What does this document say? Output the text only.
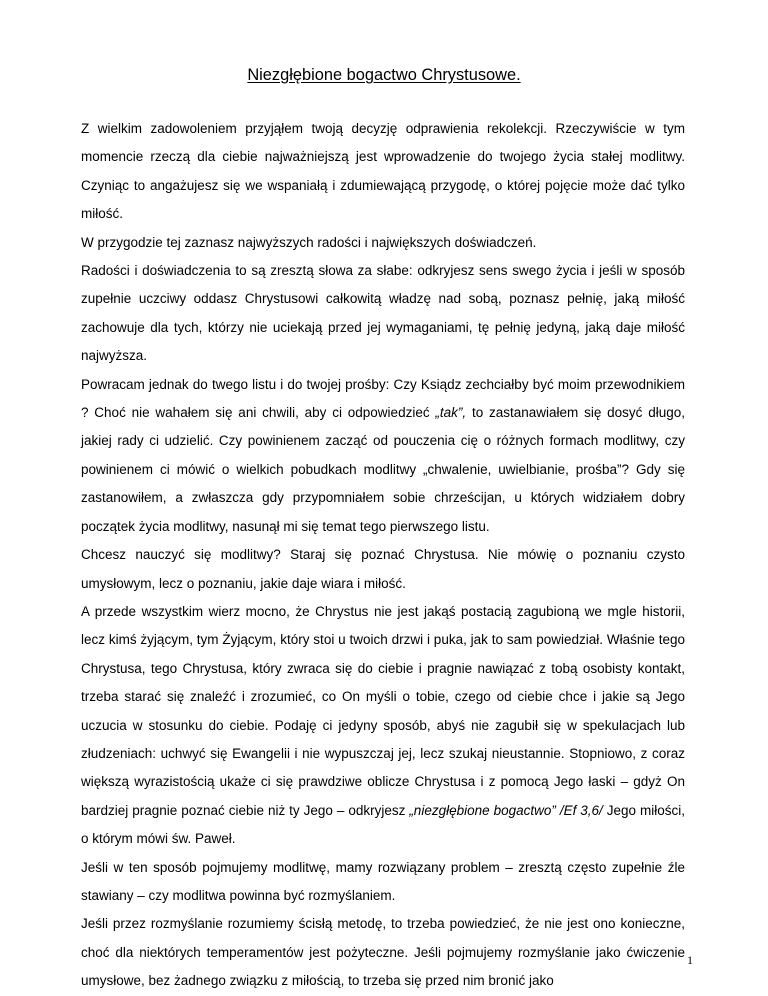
Niezgłębione bogactwo Chrystusowe.

Z wielkim zadowoleniem przyjąłem twoją decyzję odprawienia rekolekcji. Rzeczywiście w tym momencie rzeczą dla ciebie najważniejszą jest wprowadzenie do twojego życia stałej modlitwy. Czyniąc to angażujesz się we wspaniałą i zdumiewającą przygodę, o której pojęcie może dać tylko miłość.

W przygodzie tej zaznasz najwyższych radości i największych doświadczeń.

Radości i doświadczenia to są zresztą słowa za słabe: odkryjesz sens swego życia i jeśli w sposób zupełnie uczciwy oddasz Chrystusowi całkowitą władzę nad sobą, poznasz pełnię, jaką miłość zachowuje dla tych, którzy nie uciekają przed jej wymaganiami, tę pełnię jedyną, jaką daje miłość najwyższa.

Powracam jednak do twego listu i do twojej prośby: Czy Ksiądz zechciałby być moim przewodnikiem ? Choć nie wahałem się ani chwili, aby ci odpowiedzieć „tak”, to zastanawiałem się dosyć długo, jakiej rady ci udzielić. Czy powinienem zacząć od pouczenia cię o różnych formach modlitwy, czy powinienem ci mówić o wielkich pobudkach modlitwy „chwalenie, uwielbianie, prośba”? Gdy się zastanowiłem, a zwłaszcza gdy przypomniałem sobie chrześcijan, u których widziałem dobry początek życia modlitwy, nasunął mi się temat tego pierwszego listu.

Chcesz nauczyć się modlitwy? Staraj się poznać Chrystusa. Nie mówię o poznaniu czysto umysłowym, lecz o poznaniu, jakie daje wiara i miłość.

A przede wszystkim wierz mocno, że Chrystus nie jest jakąś postacią zagubioną we mgle historii, lecz kimś żyjącym, tym Żyjącym, który stoi u twoich drzwi i puka, jak to sam powiedział. Właśnie tego Chrystusa, tego Chrystusa, który zwraca się do ciebie i pragnie nawiązać z tobą osobisty kontakt, trzeba starać się znaleźć i zrozumieć, co On myśli o tobie, czego od ciebie chce i jakie są Jego uczucia w stosunku do ciebie. Podaję ci jedyny sposób, abyś nie zagubił się w spekulacjach lub złudzeniach: uchwyć się Ewangelii i nie wypuszczaj jej, lecz szukaj nieustannie. Stopniowo, z coraz większą wyrazistością ukaże ci się prawdziwe oblicze Chrystusa i z pomocą Jego łaski – gdyż On bardziej pragnie poznać ciebie niż ty Jego – odkryjesz „niezgłębione bogactwo” /Ef 3,6/ Jego miłości, o którym mówi św. Paweł.

Jeśli w ten sposób pojmujemy modlitwę, mamy rozwiązany problem – zresztą często zupełnie źle stawiany – czy modlitwa powinna być rozmyślaniem.

Jeśli przez rozmyślanie rozumiemy ścisłą metodę, to trzeba powiedzieć, że nie jest ono konieczne, choć dla niektórych temperamentów jest pożyteczne. Jeśli pojmujemy rozmyślanie jako ćwiczenie umysłowe, bez żadnego związku z miłością, to trzeba się przed nim bronić jako

1
